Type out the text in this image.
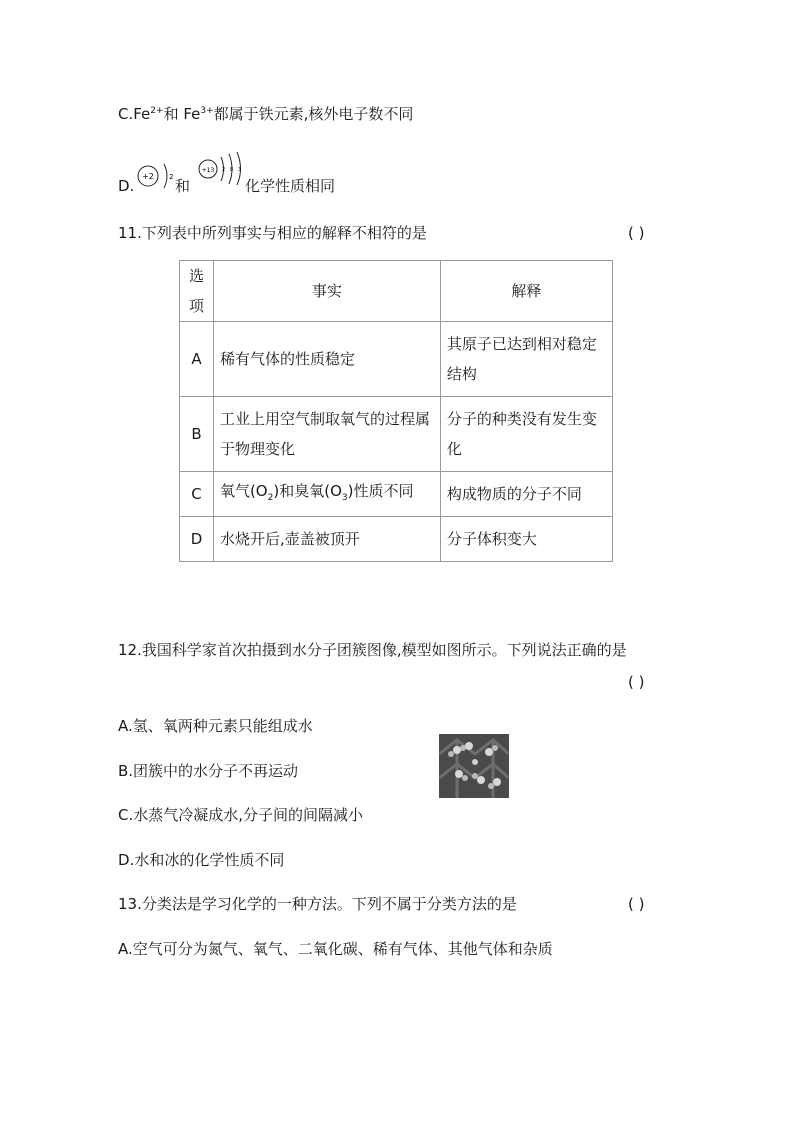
$C.Fe^{2+}$和 $Fe^{3+}$都属于铁元素,核外电子数不同
D.
+2 2 和
+13 2 8 3
化学性质相同
11.下列表中所列事实与相应的解释不相符的是	( )
选项	事实	解释
A	稀有气体的性质稳定	其原子已达到相对稳定结构
B	工业上用空气制取氧气的过程属于物理变化	分子的种类没有发生变化
C	氧气$(O_2)$和臭氧$(O_3)$性质不同	构成物质的分子不同
D	水烧开后,壶盖被顶开	分子体积变大
12.我国科学家首次拍摄到水分子团簇图像,模型如图所示。下列说法正确的是
( )
A.氢、氧两种元素只能组成水
B.团簇中的水分子不再运动
C.水蒸气冷凝成水,分子间的间隔减小
D.水和冰的化学性质不同
13.分类法是学习化学的一种方法。下列不属于分类方法的是	( )
A.空气可分为氮气、氧气、二氧化碳、稀有气体、其他气体和杂质
